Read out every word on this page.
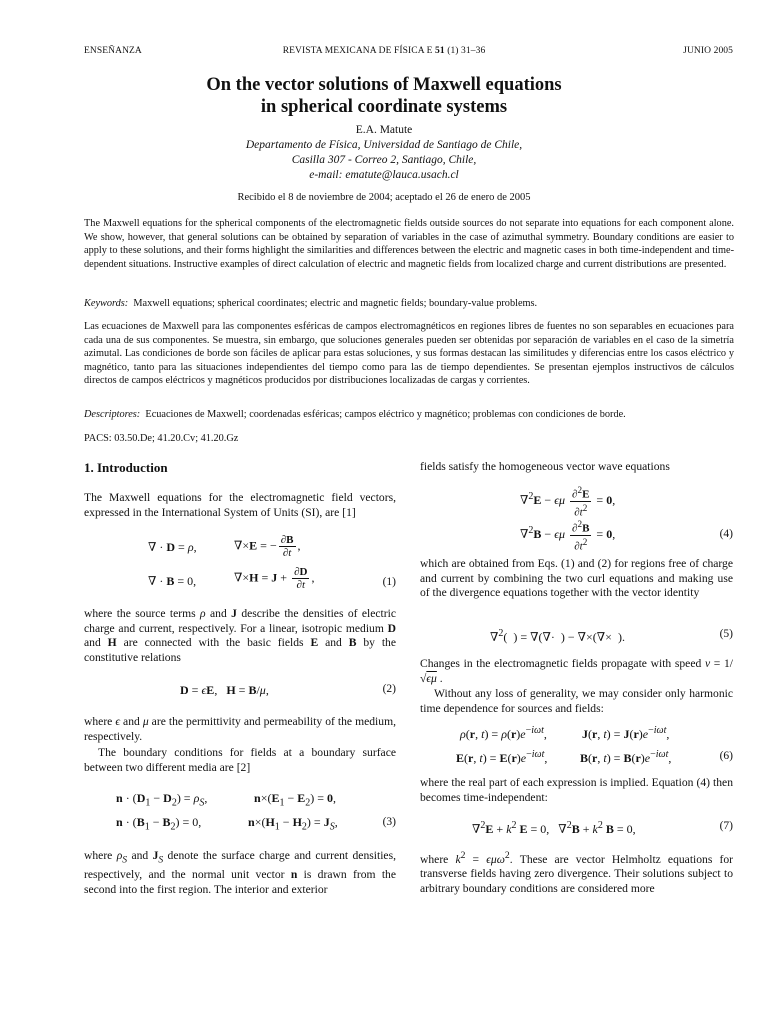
ENSEÑANZA	REVISTA MEXICANA DE FÍSICA E 51 (1) 31–36	JUNIO 2005
On the vector solutions of Maxwell equations
in spherical coordinate systems
E.A. Matute
Departamento de Física, Universidad de Santiago de Chile,
Casilla 307 - Correo 2, Santiago, Chile,
e-mail: ematute@lauca.usach.cl
Recibido el 8 de noviembre de 2004; aceptado el 26 de enero de 2005

The Maxwell equations for the spherical components of the electromagnetic fields outside sources do not separate into equations for each component alone. We show, however, that general solutions can be obtained by separation of variables in the case of azimuthal symmetry. Boundary conditions are easier to apply to these solutions, and their forms highlight the similarities and differences between the electric and magnetic cases in both time-independent and time-dependent situations. Instructive examples of direct calculation of electric and magnetic fields from localized charge and current distributions are presented.

Keywords: Maxwell equations; spherical coordinates; electric and magnetic fields; boundary-value problems.

Las ecuaciones de Maxwell para las componentes esféricas de campos electromagnéticos en regiones libres de fuentes no son separables en ecuaciones para cada una de sus componentes. Se muestra, sin embargo, que soluciones generales pueden ser obtenidas por separación de variables en el caso de la simetría azimutal. Las condiciones de borde son fáciles de aplicar para estas soluciones, y sus formas destacan las similitudes y diferencias entre los casos eléctrico y magnético, tanto para las situaciones independientes del tiempo como para las de tiempo dependientes. Se presentan ejemplos instructivos de cálculos directos de campos eléctricos y magnéticos producidos por distribuciones localizadas de cargas y corrientes.

Descriptores: Ecuaciones de Maxwell; coordenadas esféricas; campos eléctrico y magnético; problemas con condiciones de borde.
PACS: 03.50.De; 41.20.Cv; 41.20.Gz
1. Introduction

The Maxwell equations for the electromagnetic field vectors, expressed in the International System of Units (SI), are [1]

∇ · D = ρ,	∇×E = − $\frac{\partial B}{\partial t}$ ,
∇ · B = 0,	$\nabla\times H = J + \frac{\partial D}{\partial t}$ ,	(1)

where the source terms ρ and J describe the densities of electric charge and current, respectively. For a linear, isotropic medium D and H are connected with the basic fields E and B by the constitutive relations

D = ϵE,   H = B/μ,	(2)

where ϵ and μ are the permittivity and permeability of the medium, respectively.

The boundary conditions for fields at a boundary surface between two different media are [2]

$n \cdot (D_1 - D_2) = \rho_S$,	$n\times(E_1 - E_2) = 0$,
$n \cdot (B_1 - B_2) = 0$,	$n\times(H_1 - H_2) = J_S$,	(3)

where $\rho_S$ and $J_S$ denote the surface charge and current densities, respectively, and the normal unit vector n is drawn from the second into the first region. The interior and exterior

fields satisfy the homogeneous vector wave equations

∇$^2$E − ϵμ $\frac{\partial^2E}{\partial t^2} = 0$,
∇$^2$B − ϵμ $\frac{\partial^2B}{\partial t^2} = 0$,	(4)

which are obtained from Eqs. (1) and (2) for regions free of charge and current by combining the two curl equations and making use of the divergence equations together with the vector identity

∇$^2$(  ) = ∇(∇·  ) − ∇×(∇×  ).	(5)

Changes in the electromagnetic fields propagate with speed v = 1/√ϵμ .

Without any loss of generality, we may consider only harmonic time dependence for sources and fields:

ρ(r, $t) = \rho(r)e^{-i\omega t}$,	J(r, $t) = J(r)e^{-i\omega t}$,
E(r, $t) = E(r)e^{-i\omega t}$,	B(r, $t) = B(r)e^{-i\omega t}$,	(6)

where the real part of each expression is implied. Equation (4) then becomes time-independent:

$\nabla^2E + k^2$ E = 0,   $\nabla^2B + k^2$ B = 0,	(7)

where $k^2 = \epsilon\mu\omega^2$. These are vector Helmholtz equations for transverse fields having zero divergence. Their solutions subject to arbitrary boundary conditions are considered more
